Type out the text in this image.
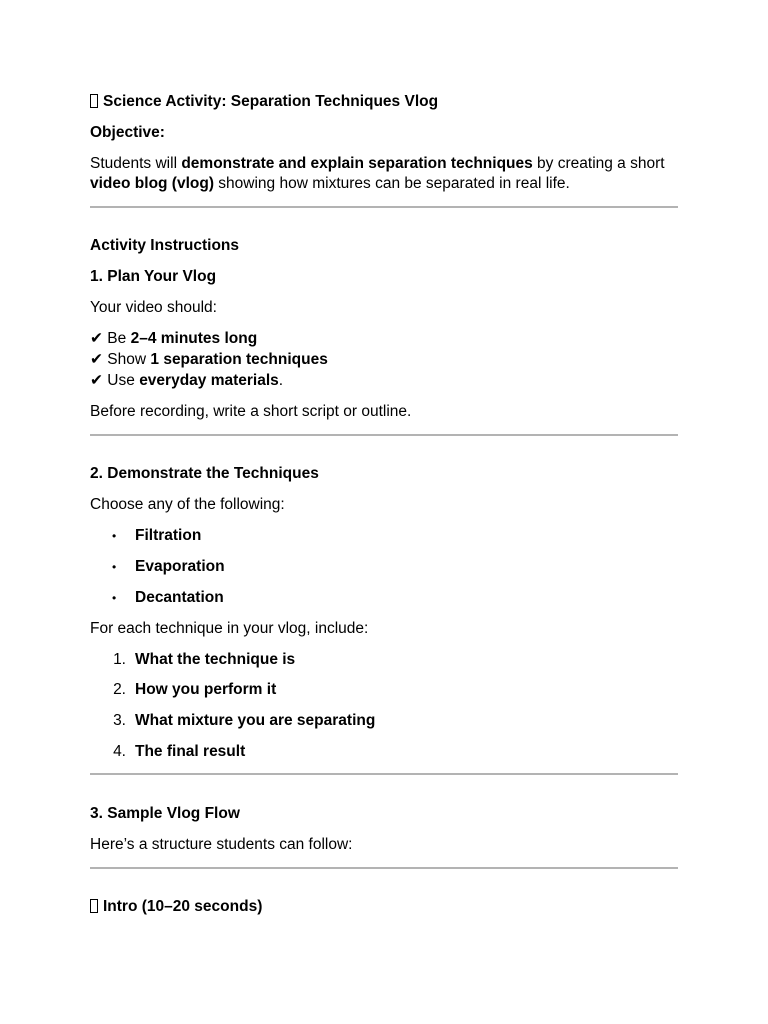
Science Activity: Separation Techniques Vlog
Objective:
Students will demonstrate and explain separation techniques by creating a short
video blog (vlog) showing how mixtures can be separated in real life.
Activity Instructions
1. Plan Your Vlog
Your video should:
✔ Be 2–4 minutes long
✔ Show 1 separation techniques
✔ Use everyday materials.
Before recording, write a short script or outline.
2. Demonstrate the Techniques
Choose any of the following:
• Filtration
• Evaporation
• Decantation
For each technique in your vlog, include:
1. What the technique is
2. How you perform it
3. What mixture you are separating
4. The final result
3. Sample Vlog Flow
Here’s a structure students can follow:
Intro (10–20 seconds)
